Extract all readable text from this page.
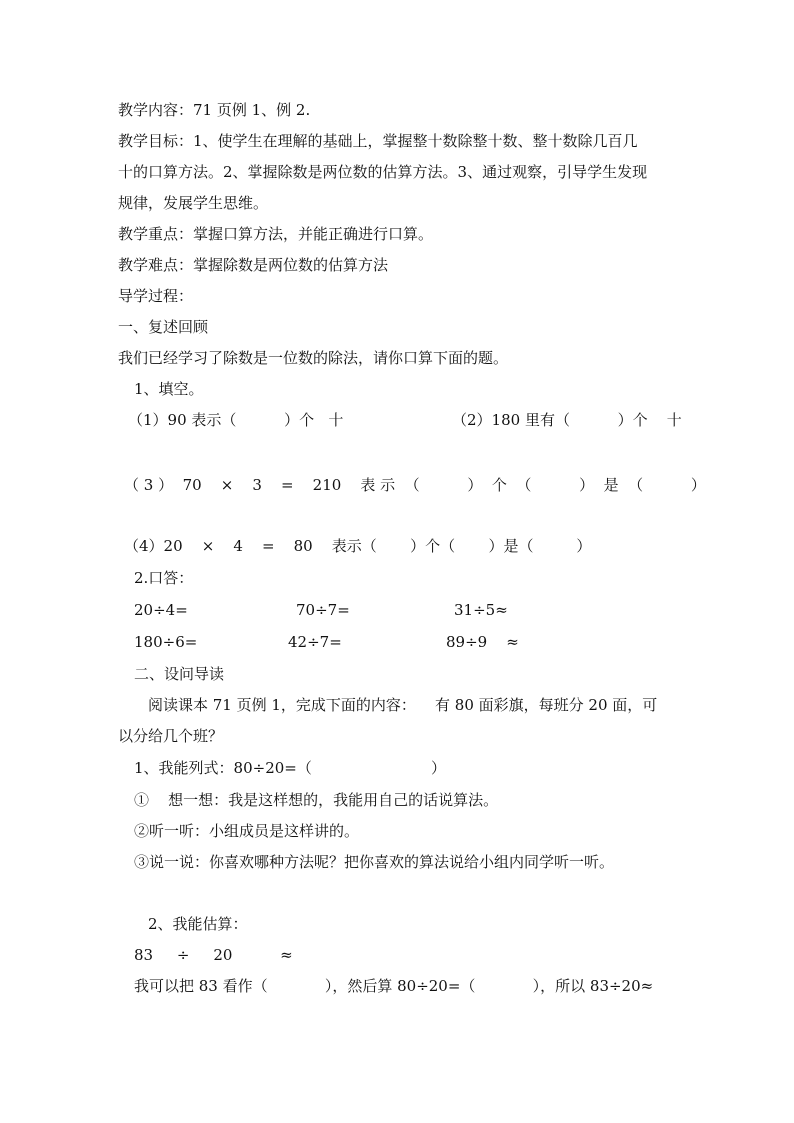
教学内容：71 页例 1、例 2.

教学目标：1、使学生在理解的基础上，掌握整十数除整十数、整十数除几百几

十的口算方法。2、掌握除数是两位数的估算方法。3、通过观察，引导学生发现

规律，发展学生思维。

教学重点：掌握口算方法，并能正确进行口算。

教学难点：掌握除数是两位数的估算方法

导学过程：

一、复述回顾

我们已经学习了除数是一位数的除法，请你口算下面的题。

1、填空。

（1）90 表示（          ）个   十	（2）180 里有（          ）个    十

（ 3 ）  70    ×    3    =    210    表 示  （          ）  个  （          ）  是  （          ）

（4）20    ×    4    =    80    表示（       ）个（       ）是（         ）

2.口答：

20÷4=	70÷7=	31÷5≈

180÷6=	42÷7=	89÷9    ≈

二、设问导读

阅读课本 71 页例 1，完成下面的内容：    有 80 面彩旗，每班分 20 面，可

以分给几个班？

1、我能列式：80÷20=（                         ）

①    想一想：我是这样想的，我能用自己的话说算法。

②听一听：小组成员是这样讲的。

③说一说：你喜欢哪种方法呢？把你喜欢的算法说给小组内同学听一听。

2、我能估算：

83     ÷     20          ≈

我可以把 83 看作（            ），然后算 80÷20=（            ），所以 83÷20≈
